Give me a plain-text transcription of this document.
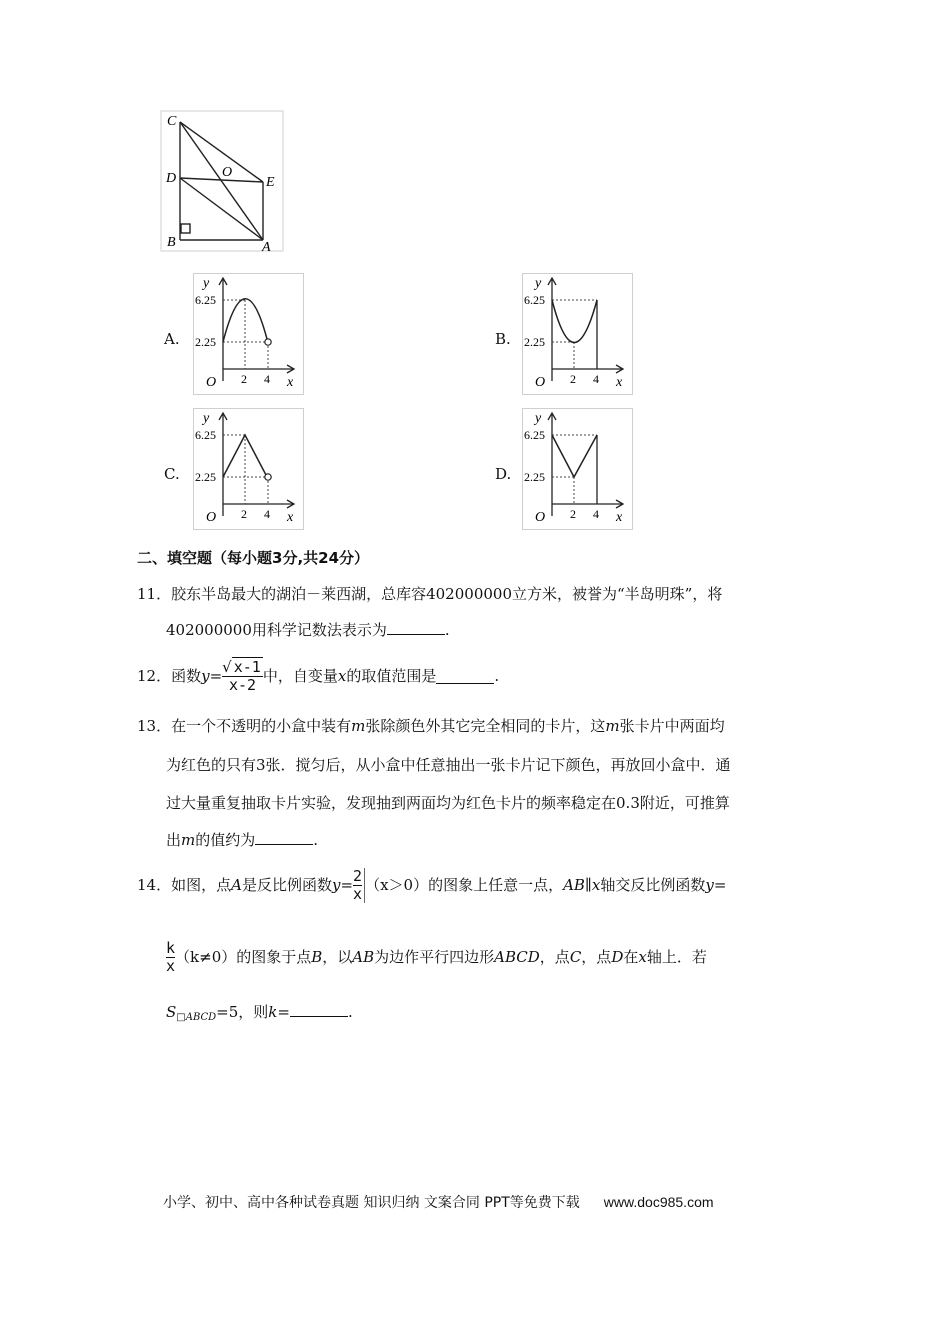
C
D	O
E
B	A
A.
y
6.25
2.25
O 2 4 x
B.
y
6.25
2.25
O 2 4 x
C.
y
6.25
2.25
O 2 4 x
D.
y
6.25
2.25
O 2 4 x
二、填空题（每小题3分,共24分）
11．胶东半岛最大的湖泊－莱西湖，总库容402000000立方米，被誉为“半岛明珠”，将
402000000用科学记数法表示为	.
12． 函数 $y = \frac{√ x-1}{x-2}$ 中，自变量 x 的取值范围是	.
13．在一个不透明的小盒中装有m张除颜色外其它完全相同的卡片，这m张卡片中两面均
为红色的只有3张．搅匀后，从小盒中任意抽出一张卡片记下颜色，再放回小盒中．通
过大量重复抽取卡片实验，发现抽到两面均为红色卡片的频率稳定在0.3附近，可推算
出m的值约为	.
14． 如图，点 A 是反比例函数 $y = \frac{2}{x} (x>0)$的图象上任意一点， AB ∥ x 轴交反比例函数 y =
$\frac{k}{x} (k\ne 0)$的图象于点 B ，以 AB 为边作平行四边形 ABCD ，点 C ，点 D 在 x 轴上．若
$S_{□ABCD}=5$，则k=	.
小学、初中、高中各种试卷真题 知识归纳 文案合同 PPT等免费下载 www.doc985.com
